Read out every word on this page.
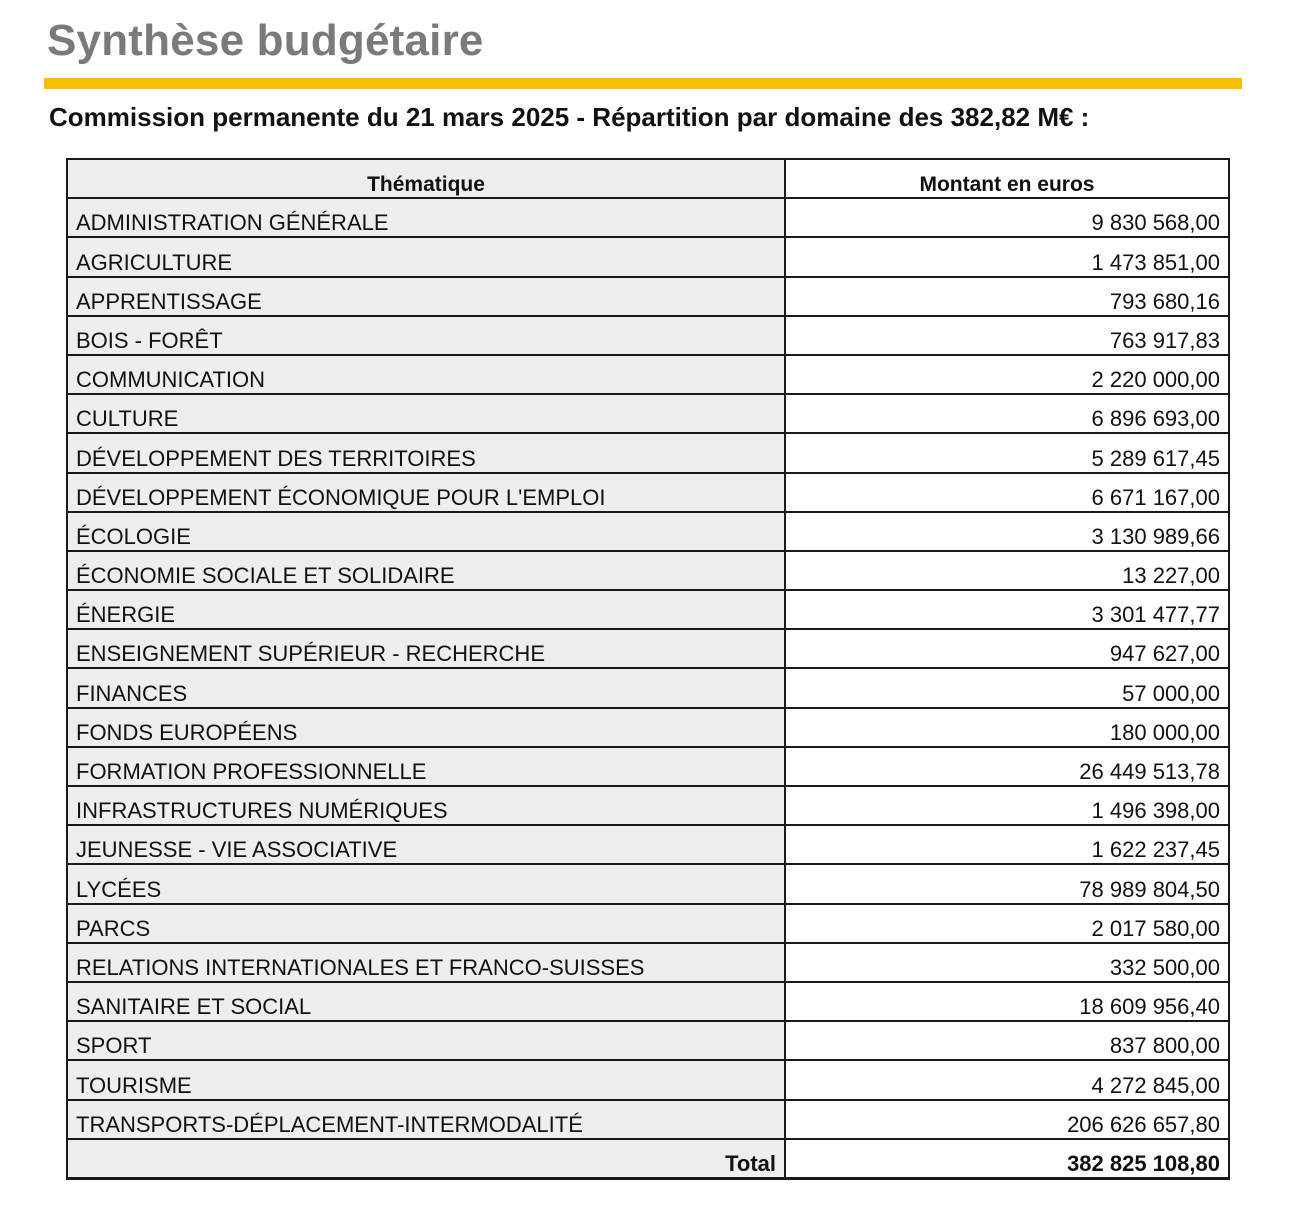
Synthèse budgétaire
Commission permanente du 21 mars 2025 - Répartition par domaine des 382,82 M€ :
Thématique	Montant en euros
ADMINISTRATION GÉNÉRALE	9 830 568,00
AGRICULTURE	1 473 851,00
APPRENTISSAGE	793 680,16
BOIS - FORÊT	763 917,83
COMMUNICATION	2 220 000,00
CULTURE	6 896 693,00
DÉVELOPPEMENT DES TERRITOIRES	5 289 617,45
DÉVELOPPEMENT ÉCONOMIQUE POUR L'EMPLOI	6 671 167,00
ÉCOLOGIE	3 130 989,66
ÉCONOMIE SOCIALE ET SOLIDAIRE	13 227,00
ÉNERGIE	3 301 477,77
ENSEIGNEMENT SUPÉRIEUR - RECHERCHE	947 627,00
FINANCES	57 000,00
FONDS EUROPÉENS	180 000,00
FORMATION PROFESSIONNELLE	26 449 513,78
INFRASTRUCTURES NUMÉRIQUES	1 496 398,00
JEUNESSE - VIE ASSOCIATIVE	1 622 237,45
LYCÉES	78 989 804,50
PARCS	2 017 580,00
RELATIONS INTERNATIONALES ET FRANCO-SUISSES	332 500,00
SANITAIRE ET SOCIAL	18 609 956,40
SPORT	837 800,00
TOURISME	4 272 845,00
TRANSPORTS-DÉPLACEMENT-INTERMODALITÉ	206 626 657,80
Total	382 825 108,80
